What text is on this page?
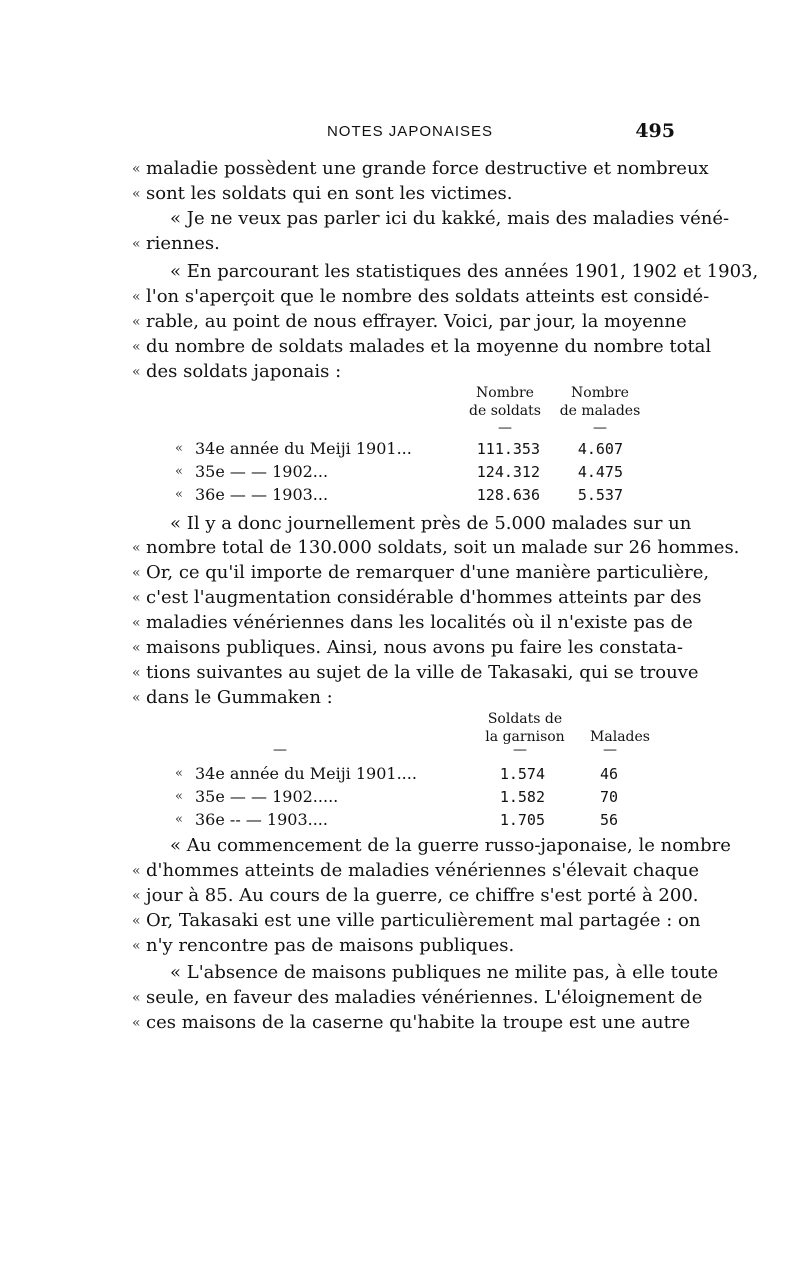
NOTES JAPONAISES	495
« maladie possèdent une grande force destructive et nombreux
« sont les soldats qui en sont les victimes.
« Je ne veux pas parler ici du kakké, mais des maladies véné-
« riennes.
« En parcourant les statistiques des années 1901, 1902 et 1903,
« l'on s'aperçoit que le nombre des soldats atteints est considé-
« rable, au point de nous effrayer. Voici, par jour, la moyenne
« du nombre de soldats malades et la moyenne du nombre total
« des soldats japonais :
Nombre
de soldats
Nombre
de malades
—	—
« 34e année du Meiji 1901...	111.353	4.607
« 35e — — 1902...	124.312	4.475
« 36e — — 1903...	128.636	5.537
« Il y a donc journellement près de 5.000 malades sur un
« nombre total de 130.000 soldats, soit un malade sur 26 hommes.
« Or, ce qu'il importe de remarquer d'une manière particulière,
« c'est l'augmentation considérable d'hommes atteints par des
« maladies vénériennes dans les localités où il n'existe pas de
« maisons publiques. Ainsi, nous avons pu faire les constata-
« tions suivantes au sujet de la ville de Takasaki, qui se trouve
« dans le Gummaken :
Soldats de
la garnison	Malades
—	—	—
« 34e année du Meiji 1901....	1.574	46
« 35e — — 1902.....	1.582	70
« 36e -- — 1903....	1.705	56
« Au commencement de la guerre russo-japonaise, le nombre
« d'hommes atteints de maladies vénériennes s'élevait chaque
« jour à 85. Au cours de la guerre, ce chiffre s'est porté à 200.
« Or, Takasaki est une ville particulièrement mal partagée : on
« n'y rencontre pas de maisons publiques.
« L'absence de maisons publiques ne milite pas, à elle toute
« seule, en faveur des maladies vénériennes. L'éloignement de
« ces maisons de la caserne qu'habite la troupe est une autre
